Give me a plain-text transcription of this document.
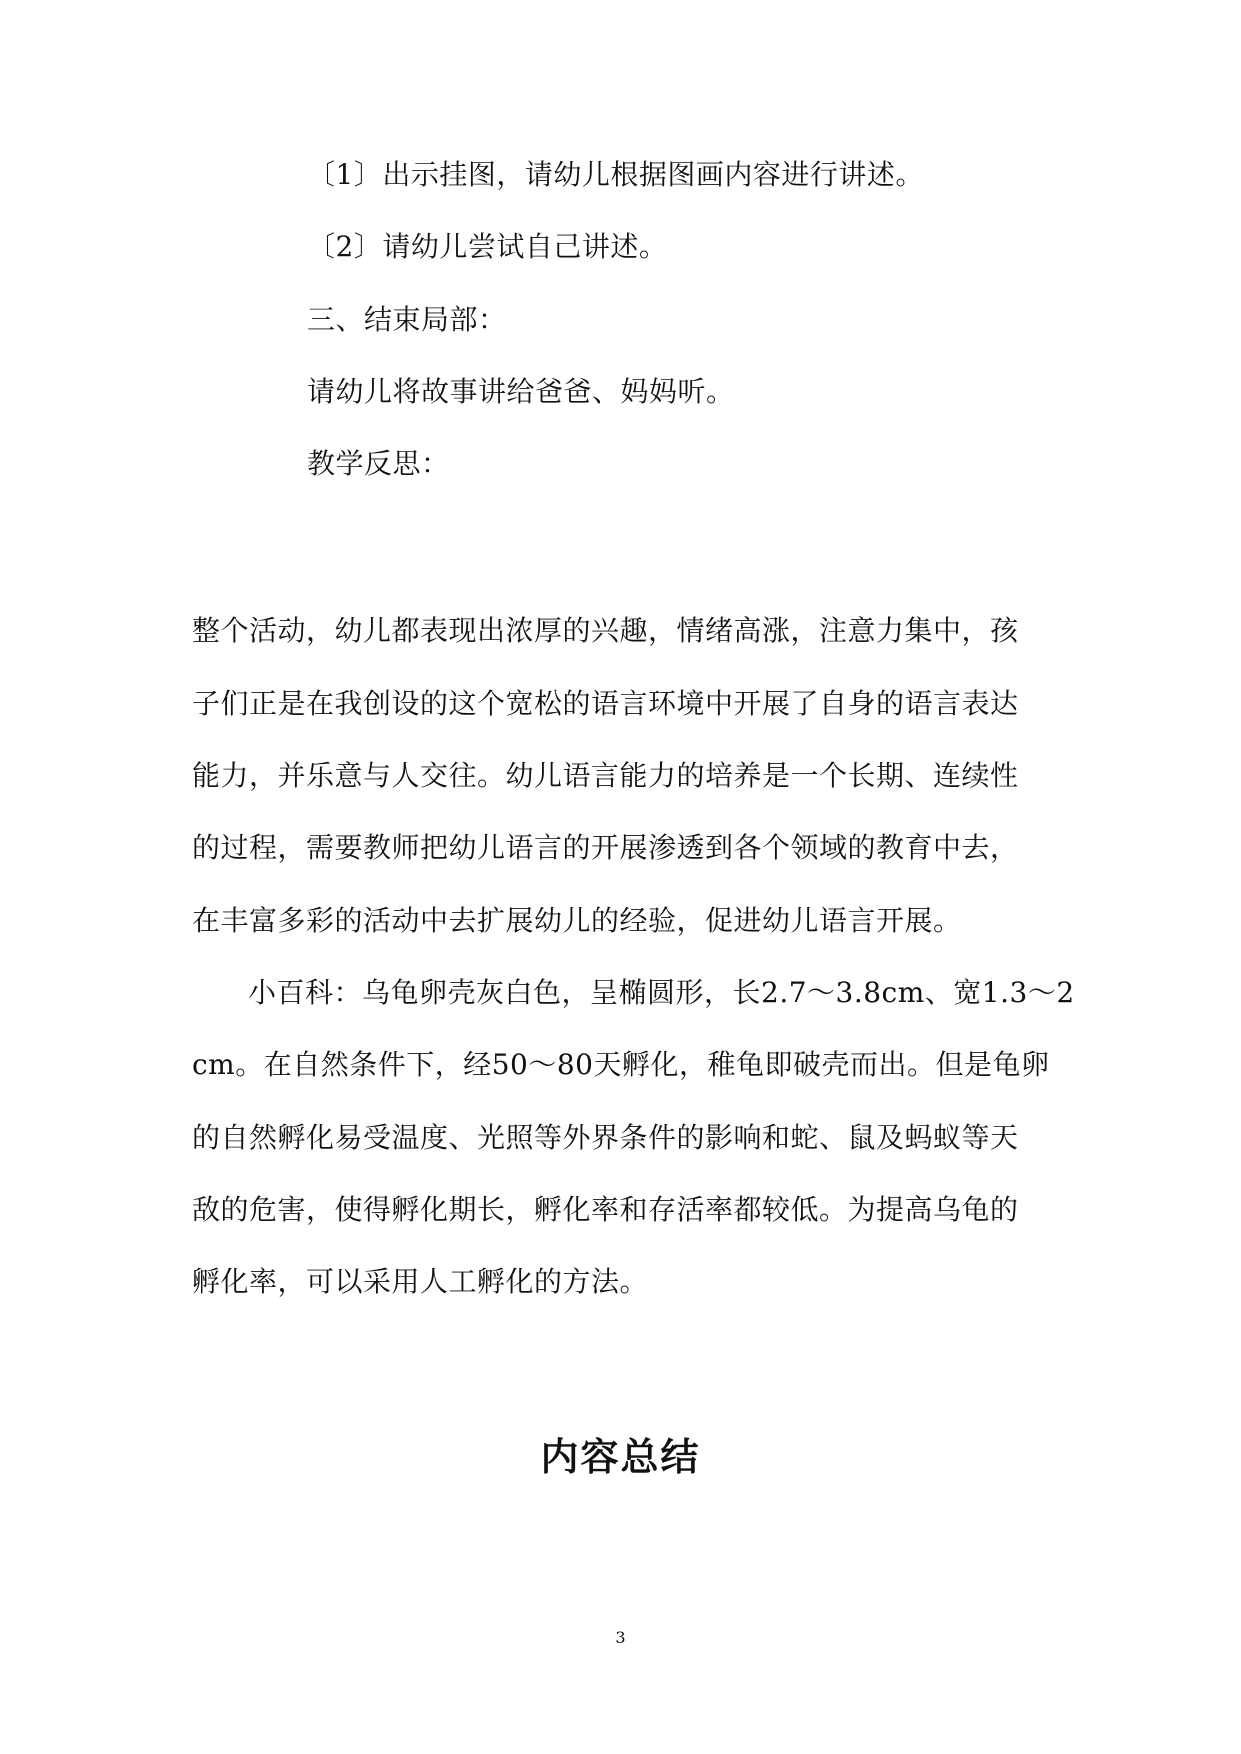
〔1〕出示挂图，请幼儿根据图画内容进行讲述。
〔2〕请幼儿尝试自己讲述。
三、结束局部：
请幼儿将故事讲给爸爸、妈妈听。
教学反思：
整个活动，幼儿都表现出浓厚的兴趣，情绪高涨，注意力集中，孩
子们正是在我创设的这个宽松的语言环境中开展了自身的语言表达
能力，并乐意与人交往。幼儿语言能力的培养是一个长期、连续性
的过程，需要教师把幼儿语言的开展渗透到各个领域的教育中去，
在丰富多彩的活动中去扩展幼儿的经验，促进幼儿语言开展。
小百科：乌龟卵壳灰白色，呈椭圆形，长2.7～3.8cm、宽1.3～2
cm。在自然条件下，经50～80天孵化，稚龟即破壳而出。但是龟卵
的自然孵化易受温度、光照等外界条件的影响和蛇、鼠及蚂蚁等天
敌的危害，使得孵化期长，孵化率和存活率都较低。为提高乌龟的
孵化率，可以采用人工孵化的方法。
内容总结
3
